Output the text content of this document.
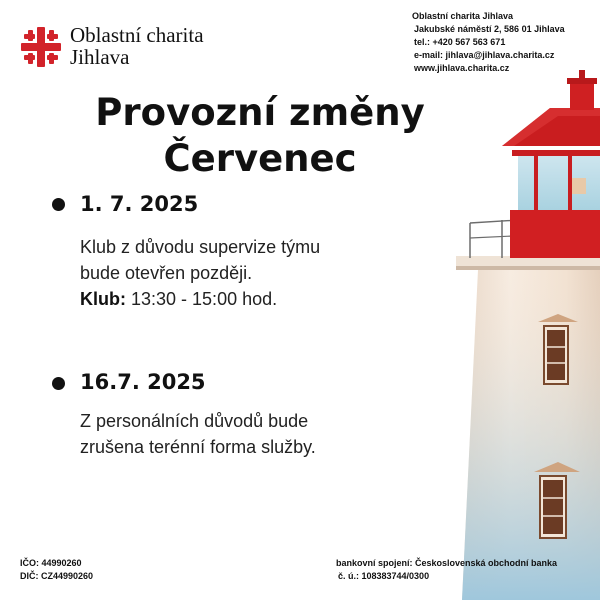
Oblastní charita
Jihlava
Oblastní charita Jihlava
Jakubské náměstí 2, 586 01 Jihlava
tel.: +420 567 563 671
e-mail: jihlava@jihlava.charita.cz
www.jihlava.charita.cz
Provozní změny
Červenec
1. 7. 2025
Klub z důvodu supervize týmu
bude otevřen později.
Klub: 13:30 - 15:00 hod.
16.7. 2025
Z personálních důvodů bude
zrušena terénní forma služby.
IČO: 44990260
DIČ: CZ44990260
bankovní spojení: Československá obchodní banka
č. ú.: 108383744/0300
